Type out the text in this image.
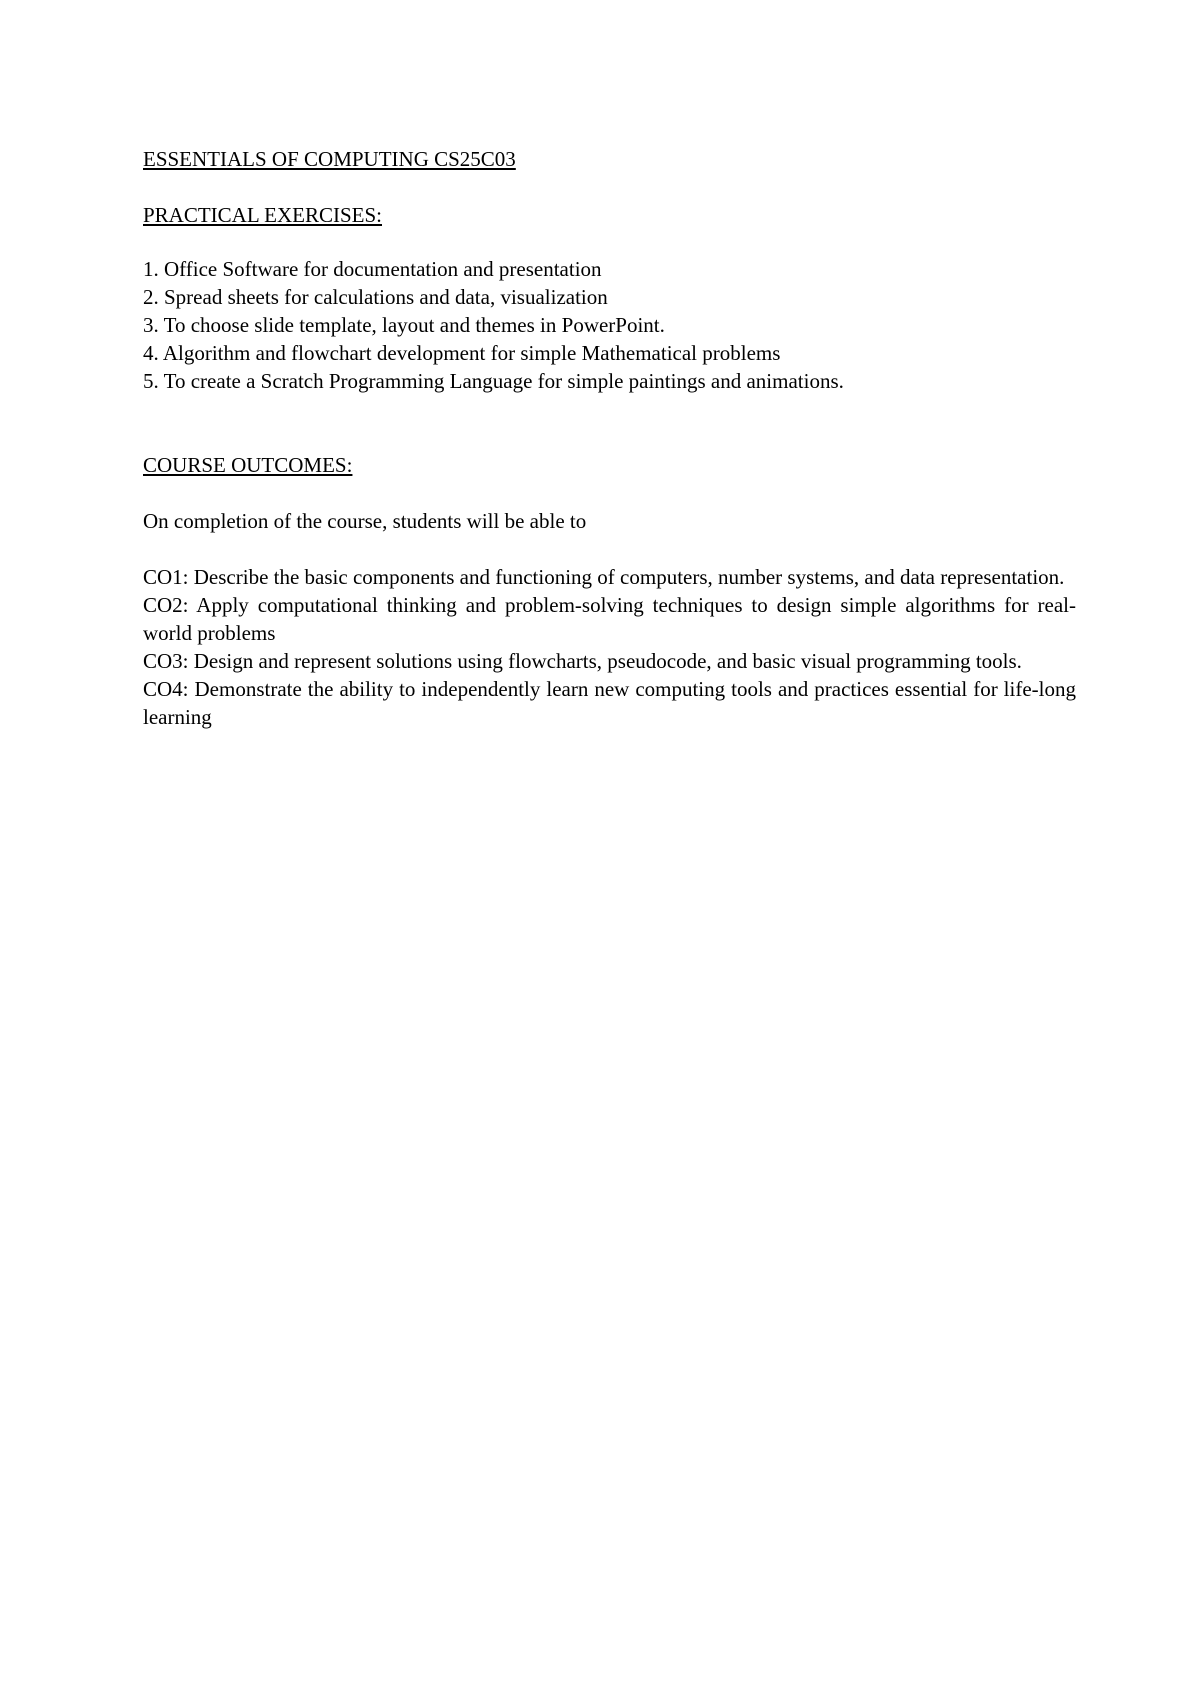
ESSENTIALS OF COMPUTING CS25C03
PRACTICAL EXERCISES:
1. Office Software for documentation and presentation
2. Spread sheets for calculations and data, visualization
3. To choose slide template, layout and themes in PowerPoint.
4. Algorithm and flowchart development for simple Mathematical problems
5. To create a Scratch Programming Language for simple paintings and animations.
COURSE OUTCOMES:

On completion of the course, students will be able to

CO1: Describe the basic components and functioning of computers, number systems, and data representation.

CO2: Apply computational thinking and problem-solving techniques to design simple algorithms for real-world problems

CO3: Design and represent solutions using flowcharts, pseudocode, and basic visual programming tools.

CO4: Demonstrate the ability to independently learn new computing tools and practices essential for life-long learning
